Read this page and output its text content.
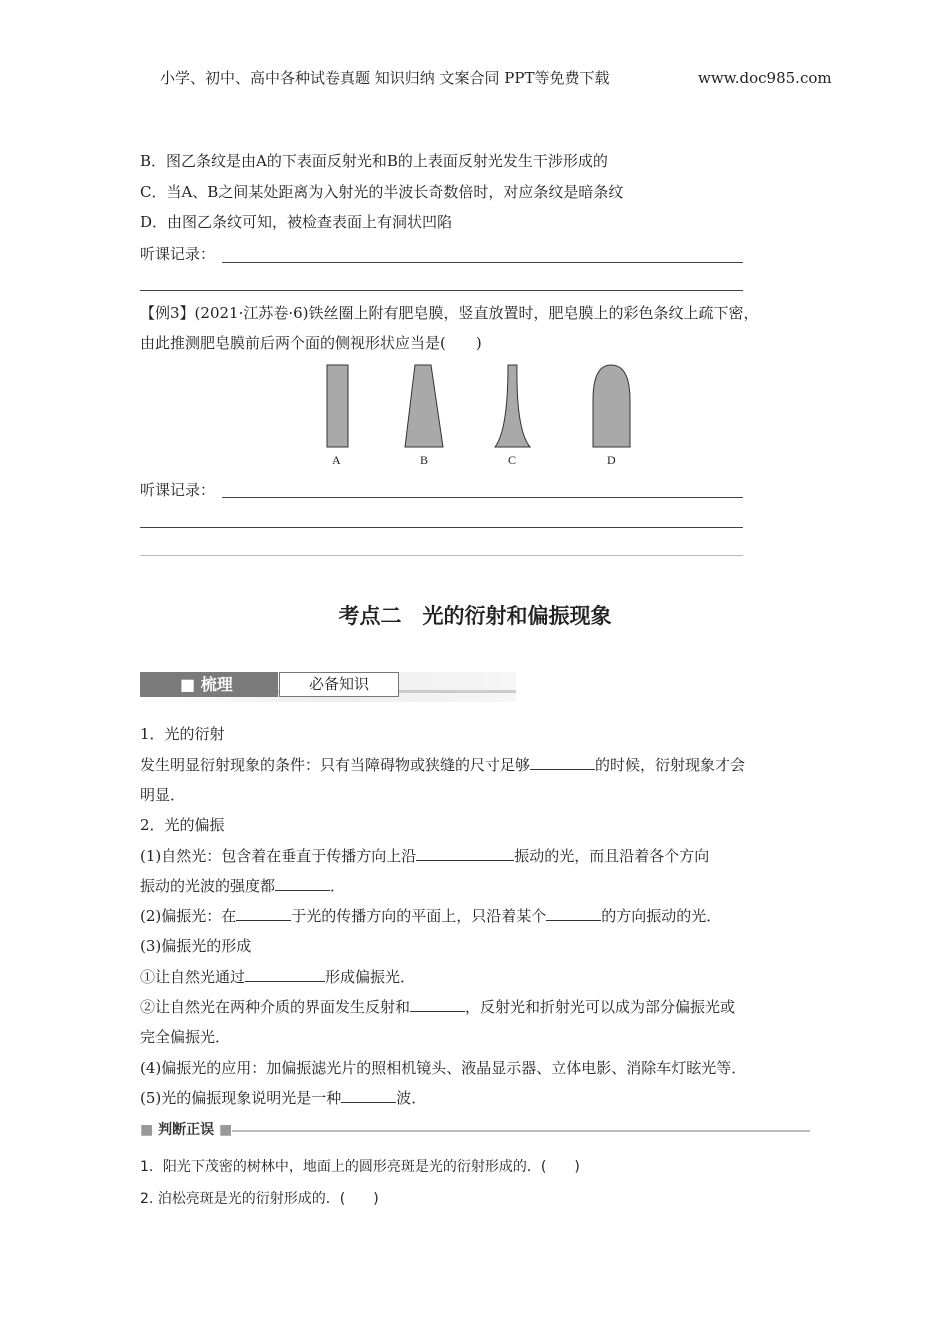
小学、初中、高中各种试卷真题 知识归纳 文案合同 PPT等免费下载	www.doc985.com
B．图乙条纹是由A的下表面反射光和B的上表面反射光发生干涉形成的
C．当A、B之间某处距离为入射光的半波长奇数倍时，对应条纹是暗条纹
D．由图乙条纹可知，被检查表面上有洞状凹陷
听课记录：
【例3】(2021·江苏卷·6)铁丝圈上附有肥皂膜，竖直放置时，肥皂膜上的彩色条纹上疏下密，
由此推测肥皂膜前后两个面的侧视形状应当是(　　)
A	B	C	D
听课记录：
考点二　光的衍射和偏振现象
■ 梳理	必备知识
1．光的衍射
发生明显衍射现象的条件：只有当障碍物或狭缝的尺寸足够	的时候，衍射现象才会
明显．
2．光的偏振
(1)自然光：包含着在垂直于传播方向上沿	振动的光，而且沿着各个方向
振动的光波的强度都	．
(2)偏振光：在	于光的传播方向的平面上，只沿着某个	的方向振动的光．
(3)偏振光的形成
①让自然光通过	形成偏振光．
②让自然光在两种介质的界面发生反射和	，反射光和折射光可以成为部分偏振光或
完全偏振光．
(4)偏振光的应用：加偏振滤光片的照相机镜头、液晶显示器、立体电影、消除车灯眩光等．
(5)光的偏振现象说明光是一种	波．
■ 判断正误 ■
1．阳光下茂密的树林中，地面上的圆形亮斑是光的衍射形成的．(　　)
2. 泊松亮斑是光的衍射形成的．(　　)
